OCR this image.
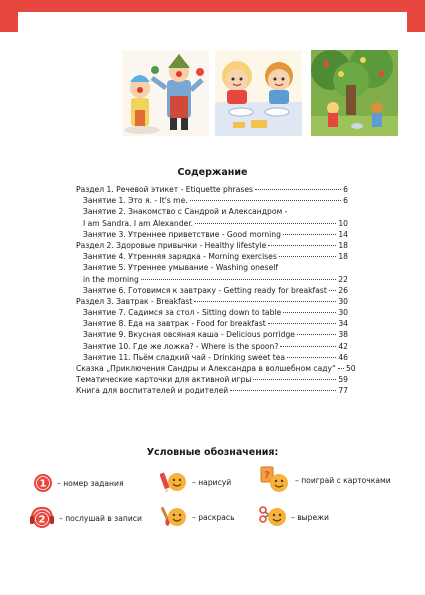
Содержание
Раздел 1. Речевой этикет - Etiquette phrases	6
Занятие 1. Это я. - It's me.	6
Занятие 2. Знакомство с Сандрой и Александром -
I am Sandra. I am Alexander.	10
Занятие 3. Утреннее приветствие - Good morning	14
Раздел 2. Здоровые привычки - Healthy lifestyle	18
Занятие 4. Утренняя зарядка - Morning exercises	18
Занятие 5. Утреннее умывание - Washing oneself
in the morning	22
Занятие 6. Готовимся к завтраку - Getting ready for breakfast 26
Раздел 3. Завтрак - Breakfast	30
Занятие 7. Садимся за стол - Sitting down to table	30
Занятие 8. Еда на завтрак - Food for breakfast	34
Занятие 9. Вкусная овсяная каша - Delicious porridge	38
Занятие 10. Где же ложка? - Where is the spoon?	42
Занятие 11. Пьём сладкий чай - Drinking sweet tea	46
Сказка „Приключения Сандры и Александра в волшебном саду“ 50
Тематические карточки для активной игры	59
Книга для воспитателей и родителей	77
Условные обозначения:
1 – номер задания	– нарисуй
?	– поиграй с карточками
2 – послушай в записи	– раскрась	– вырежи
